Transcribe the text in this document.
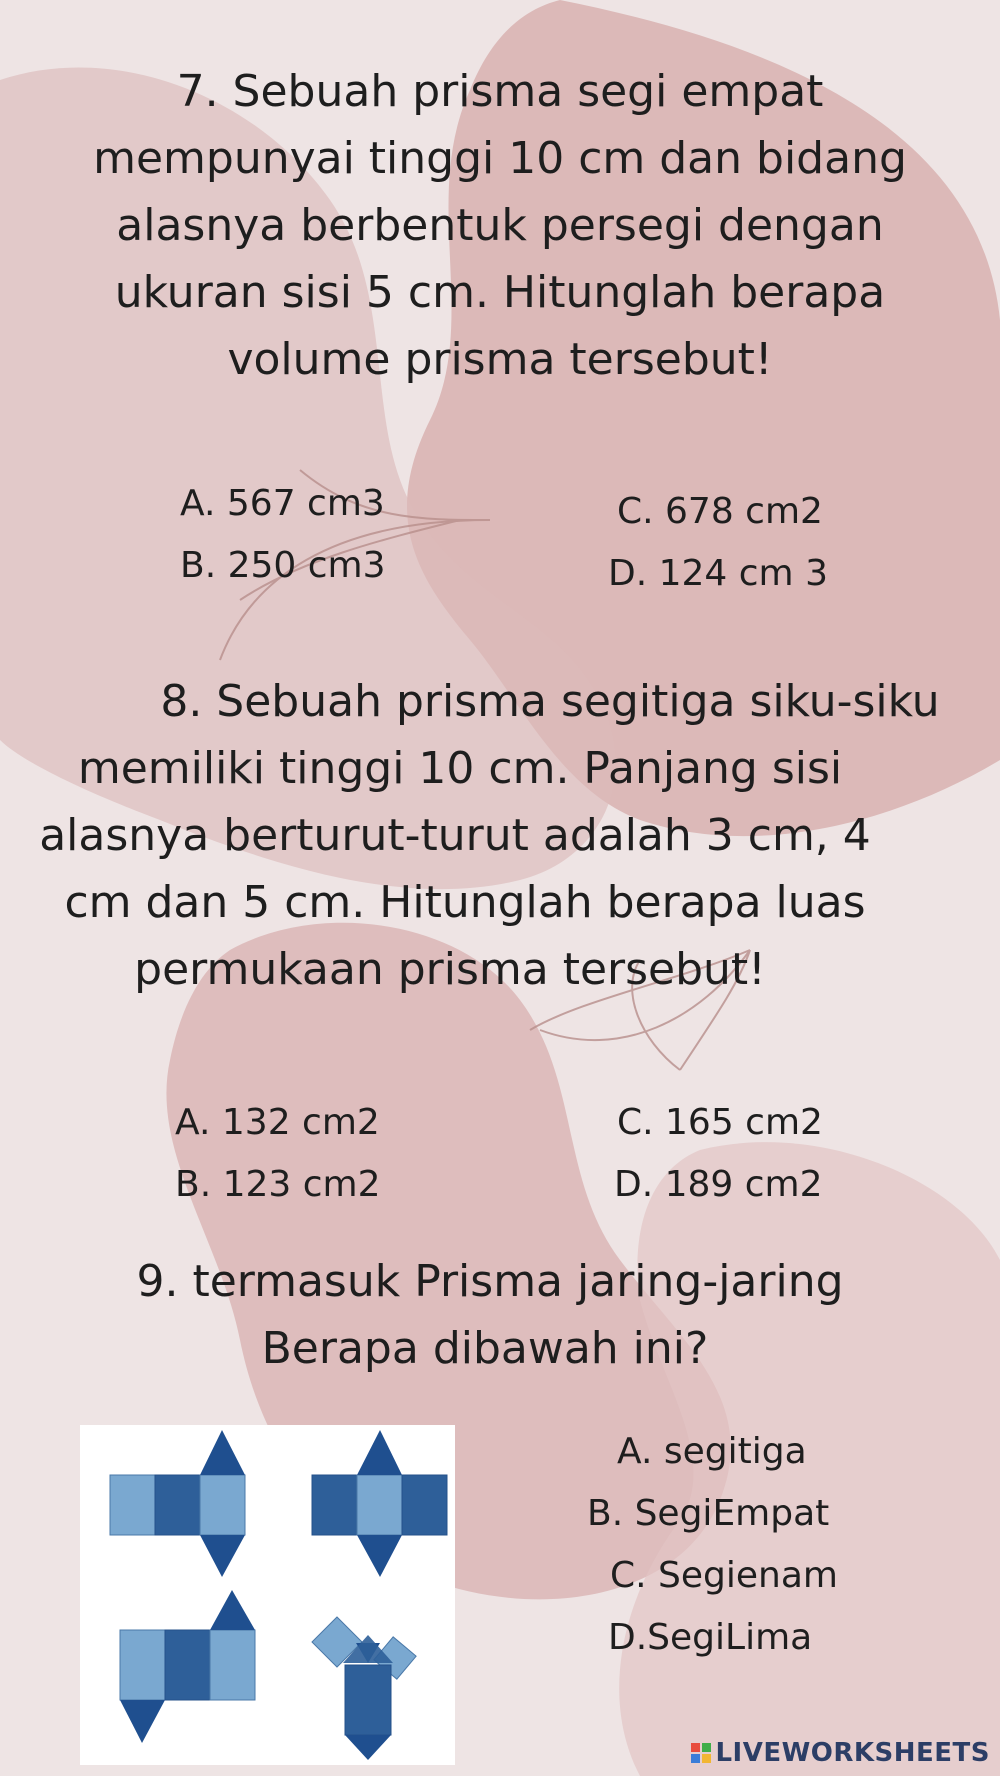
7. Sebuah prisma segi empat
mempunyai tinggi 10 cm dan bidang
alasnya berbentuk persegi dengan
ukuran sisi 5 cm. Hitunglah berapa
volume prisma tersebut!

A. 567 cm3
B. 250 cm3
C. 678 cm2
D. 124 cm 3

8. Sebuah prisma segitiga siku-siku
memiliki tinggi 10 cm. Panjang sisi
alasnya berturut-turut adalah 3 cm, 4
cm dan 5 cm. Hitunglah berapa luas
permukaan prisma tersebut!

A. 132 cm2
B. 123 cm2
C. 165 cm2
D. 189 cm2

9. termasuk Prisma jaring-jaring
Berapa dibawah ini?

A. segitiga
B. SegiEmpat
C. Segienam
D.SegiLima
LIVEWORKSHEETS
